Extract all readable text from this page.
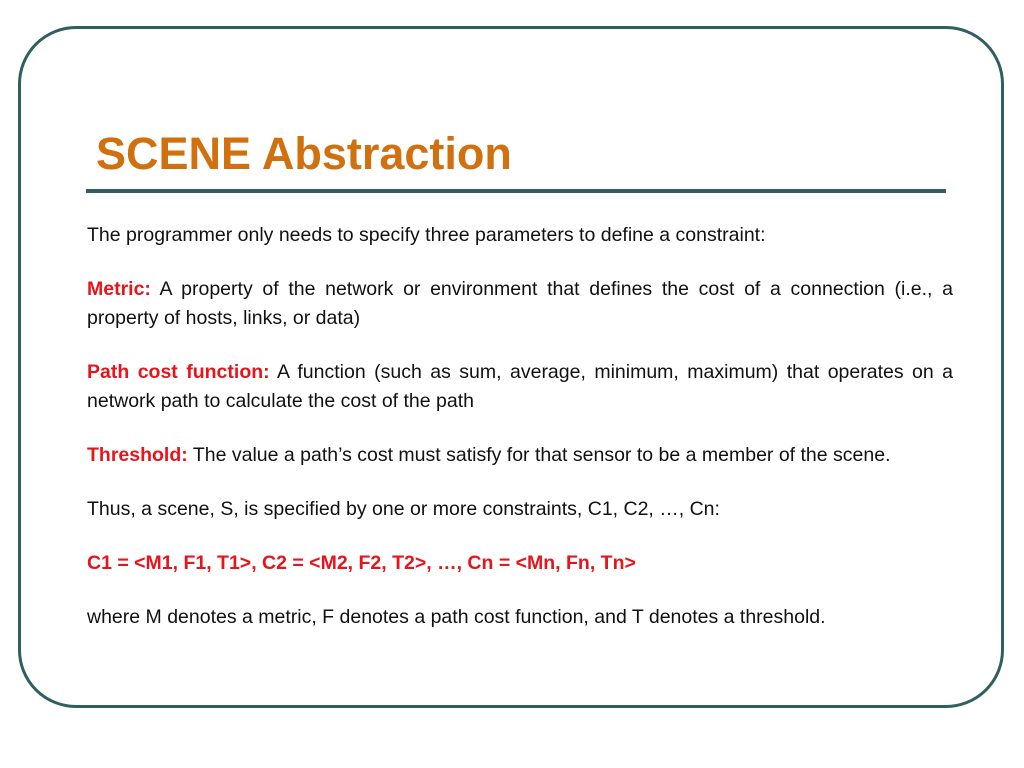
SCENE Abstraction

The programmer only needs to specify three parameters to define a constraint:

Metric: A property of the network or environment that defines the cost of a connection (i.e., a property of hosts, links, or data)

Path cost function: A function (such as sum, average, minimum, maximum) that operates on a network path to calculate the cost of the path

Threshold: The value a path’s cost must satisfy for that sensor to be a member of the scene.

Thus, a scene, S, is specified by one or more constraints, C1, C2, …, Cn:

C1 = <M1, F1, T1>, C2 = <M2, F2, T2>, …, Cn = <Mn, Fn, Tn>

where M denotes a metric, F denotes a path cost function, and T denotes a threshold.
